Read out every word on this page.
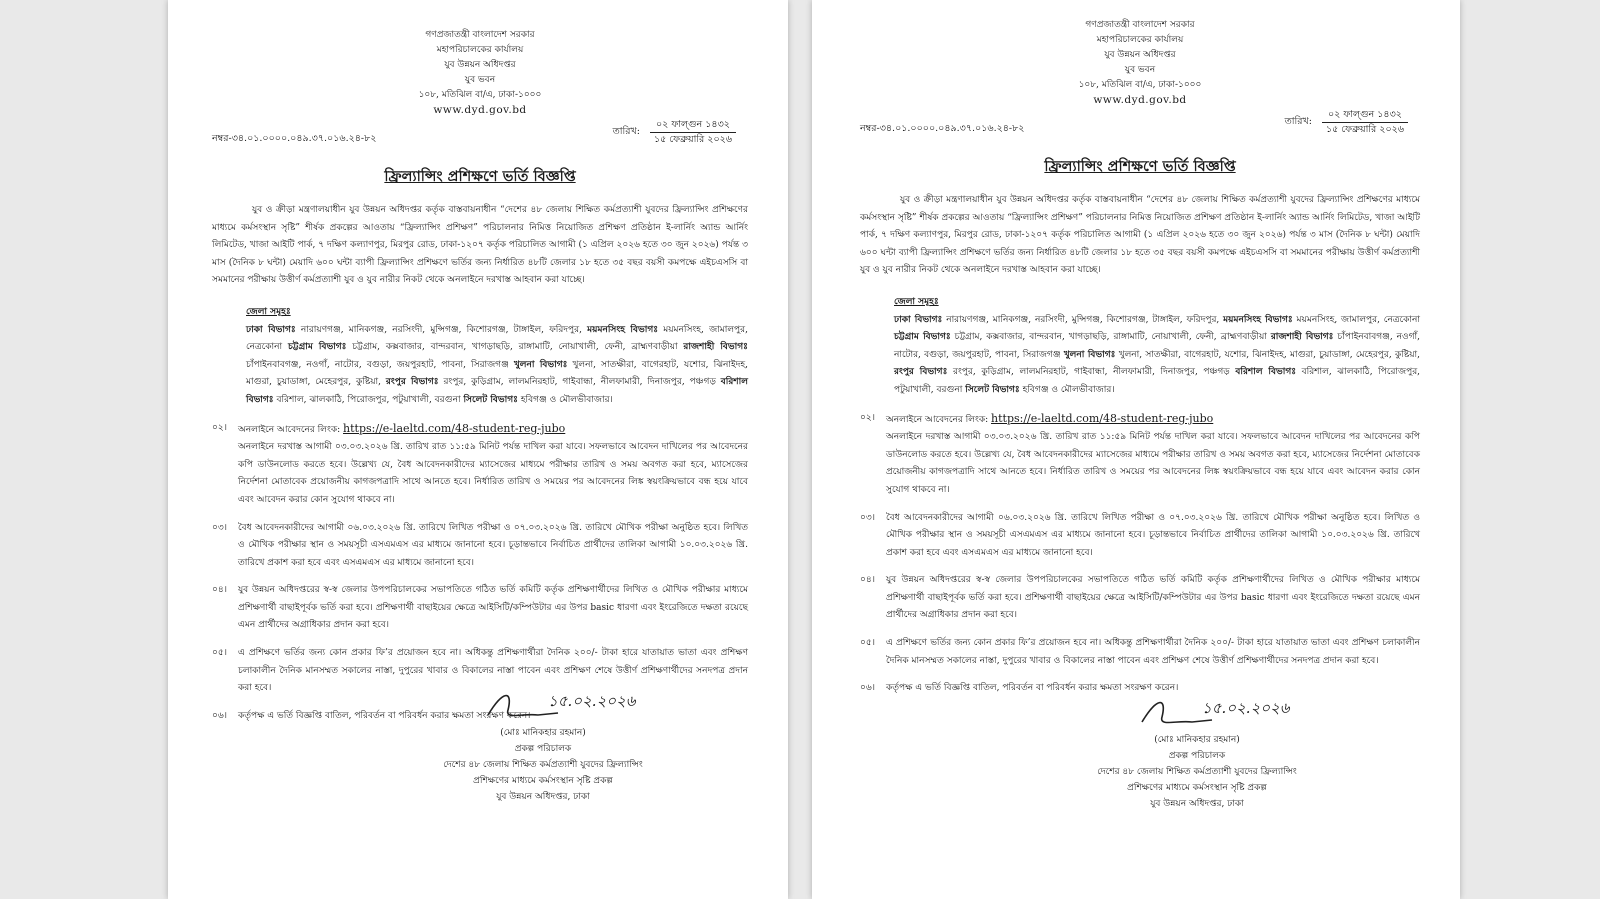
গণপ্রজাতন্ত্রী বাংলাদেশ সরকার
মহাপরিচালকের কার্যালয়
যুব উন্নয়ন অধিদপ্তর
যুব ভবন
১০৮, মতিঝিল বা/এ, ঢাকা-১০০০
www.dyd.gov.bd
নম্বর-৩৪.০১.০০০০.০৪৯.৩৭.০১৬.২৪-৮২
তারিখ:
০২ ফাল্গুন ১৪৩২
১৫ ফেব্রুয়ারি ২০২৬
ফ্রিল্যান্সিং প্রশিক্ষণে ভর্তি বিজ্ঞপ্তি

যুব ও ক্রীড়া মন্ত্রণালয়াধীন যুব উন্নয়ন অধিদপ্তর কর্তৃক বাস্তবায়নাধীন “দেশের ৪৮ জেলায় শিক্ষিত কর্মপ্রত্যাশী যুবদের ফ্রিল্যান্সিং প্রশিক্ষণের মাধ্যমে কর্মসংস্থান সৃষ্টি” শীর্ষক প্রকল্পের আওতায় “ফ্রিল্যান্সিং প্রশিক্ষণ” পরিচালনার নিমিত্ত নিয়োজিত প্রশিক্ষণ প্রতিষ্ঠান ই-লার্নিং অ্যান্ড আর্নিং লিমিটেড, খাজা আইটি পার্ক, ৭ দক্ষিণ কল্যাণপুর, মিরপুর রোড, ঢাকা-১২০৭ কর্তৃক পরিচালিত আগামী (১ এপ্রিল ২০২৬ হতে ৩০ জুন ২০২৬) পর্যন্ত ৩ মাস (দৈনিক ৮ ঘন্টা) মেয়াদি ৬০০ ঘন্টা ব্যাপী ফ্রিল্যান্সিং প্রশিক্ষণে ভর্তির জন্য নির্ধারিত ৪৮টি জেলার ১৮ হতে ৩৫ বছর বয়সী কমপক্ষে এইচএসসি বা সমমানের পরীক্ষায় উত্তীর্ণ কর্মপ্রত্যাশী যুব ও যুব নারীর নিকট থেকে অনলাইনে দরখাস্ত আহবান করা যাচ্ছে।

জেলা সমূহঃ
ঢাকা বিভাগঃ নারায়ণগঞ্জ, মানিকগঞ্জ, নরসিংদী, মুন্সিগঞ্জ, কিশোরগঞ্জ, টাঙ্গাইল, ফরিদপুর, ময়মনসিংহ বিভাগঃ ময়মনসিংহ, জামালপুর, নেত্রকোনা চট্টগ্রাম বিভাগঃ চট্টগ্রাম, কক্সবাজার, বান্দরবান, খাগড়াছড়ি, রাঙ্গামাটি, নোয়াখালী, ফেনী, ব্রাহ্মণবাড়ীয়া রাজশাহী বিভাগঃ চাঁপাইনবাবগঞ্জ, নওগাঁ, নাটোর, বগুড়া, জয়পুরহাট, পাবনা, সিরাজগঞ্জ খুলনা বিভাগঃ খুলনা, সাতক্ষীরা, বাগেরহাট, যশোর, ঝিনাইদহ, মাগুরা, চুয়াডাঙ্গা, মেহেরপুর, কুষ্টিয়া, রংপুর বিভাগঃ রংপুর, কুড়িগ্রাম, লালমনিরহাট, গাইবান্ধা, নীলফামারী, দিনাজপুর, পঞ্চগড় বরিশাল বিভাগঃ বরিশাল, ঝালকাঠি, পিরোজপুর, পটুয়াখালী, বরগুনা সিলেট বিভাগঃ হবিগঞ্জ ও মৌলভীবাজার।
০২।	অনলাইনে আবেদনের লিংক: https://e-laeltd.com/48-student-reg-jubo
অনলাইনে দরখাস্ত আগামী ০৩.০৩.২০২৬ খ্রি. তারিখ রাত ১১:৫৯ মিনিট পর্যন্ত দাখিল করা যাবে। সফলভাবে আবেদন দাখিলের পর আবেদনের কপি ডাউনলোড করতে হবে। উল্লেখ্য যে, বৈধ আবেদনকারীদের ম্যাসেজের মাধ্যমে পরীক্ষার তারিখ ও সময় অবগত করা হবে, ম্যাসেজের নির্দেশনা মোতাবেক প্রয়োজনীয় কাগজপত্রাদি সাথে আনতে হবে। নির্ধারিত তারিখ ও সময়ের পর আবেদনের লিঙ্ক স্বয়ংক্রিয়ভাবে বন্ধ হয়ে যাবে এবং আবেদন করার কোন সুযোগ থাকবে না।
০৩।	বৈধ আবেদনকারীদের আগামী ০৬.০৩.২০২৬ খ্রি. তারিখে লিখিত পরীক্ষা ও ০৭.০৩.২০২৬ খ্রি. তারিখে মৌখিক পরীক্ষা অনুষ্ঠিত হবে। লিখিত ও মৌখিক পরীক্ষার স্থান ও সময়সূচী এসএমএস এর মাধ্যমে জানানো হবে। চূড়ান্তভাবে নির্বাচিত প্রার্থীদের তালিকা আগামী ১০.০৩.২০২৬ খ্রি. তারিখে প্রকাশ করা হবে এবং এসএমএস এর মাধ্যমে জানানো হবে।
০৪।	যুব উন্নয়ন অধিদপ্তরের স্ব-স্ব জেলার উপপরিচালকের সভাপতিতে গঠিত ভর্তি কমিটি কর্তৃক প্রশিক্ষণার্থীদের লিখিত ও মৌখিক পরীক্ষার মাধ্যমে প্রশিক্ষণার্থী বাছাইপূর্বক ভর্তি করা হবে। প্রশিক্ষণার্থী বাছাইয়ের ক্ষেত্রে আইসিটি/কম্পিউটার এর উপর basic ধারণা এবং ইংরেজিতে দক্ষতা রয়েছে এমন প্রার্থীদের অগ্রাধিকার প্রদান করা হবে।
০৫।	এ প্রশিক্ষণে ভর্তির জন্য কোন প্রকার ফি’র প্রয়োজন হবে না। অধিকন্তু প্রশিক্ষণার্থীরা দৈনিক ২০০/- টাকা হারে যাতায়াত ভাতা এবং প্রশিক্ষণ চলাকালীন দৈনিক মানসম্মত সকালের নাস্তা, দুপুরের খাবার ও বিকালের নাস্তা পাবেন এবং প্রশিক্ষণ শেষে উত্তীর্ণ প্রশিক্ষণার্থীদের সনদপত্র প্রদান করা হবে।
০৬।	কর্তৃপক্ষ এ ভর্তি বিজ্ঞপ্তি বাতিল, পরিবর্তন বা পরিবর্ধন করার ক্ষমতা সংরক্ষণ করেন।
১৫.০২.২০২৬
(মোঃ মানিকহার রহমান)
প্রকল্প পরিচালক
দেশের ৪৮ জেলায় শিক্ষিত কর্মপ্রত্যাশী যুবদের ফ্রিল্যান্সিং
প্রশিক্ষণের মাধ্যমে কর্মসংস্থান সৃষ্টি প্রকল্প
যুব উন্নয়ন অধিদপ্তর, ঢাকা
গণপ্রজাতন্ত্রী বাংলাদেশ সরকার
মহাপরিচালকের কার্যালয়
যুব উন্নয়ন অধিদপ্তর
যুব ভবন
১০৮, মতিঝিল বা/এ, ঢাকা-১০০০
www.dyd.gov.bd
নম্বর-৩৪.০১.০০০০.০৪৯.৩৭.০১৬.২৪-৮২
তারিখ:
০২ ফাল্গুন ১৪৩২
১৫ ফেব্রুয়ারি ২০২৬
ফ্রিল্যান্সিং প্রশিক্ষণে ভর্তি বিজ্ঞপ্তি

যুব ও ক্রীড়া মন্ত্রণালয়াধীন যুব উন্নয়ন অধিদপ্তর কর্তৃক বাস্তবায়নাধীন “দেশের ৪৮ জেলায় শিক্ষিত কর্মপ্রত্যাশী যুবদের ফ্রিল্যান্সিং প্রশিক্ষণের মাধ্যমে কর্মসংস্থান সৃষ্টি” শীর্ষক প্রকল্পের আওতায় “ফ্রিল্যান্সিং প্রশিক্ষণ” পরিচালনার নিমিত্ত নিয়োজিত প্রশিক্ষণ প্রতিষ্ঠান ই-লার্নিং অ্যান্ড আর্নিং লিমিটেড, খাজা আইটি পার্ক, ৭ দক্ষিণ কল্যাণপুর, মিরপুর রোড, ঢাকা-১২০৭ কর্তৃক পরিচালিত আগামী (১ এপ্রিল ২০২৬ হতে ৩০ জুন ২০২৬) পর্যন্ত ৩ মাস (দৈনিক ৮ ঘন্টা) মেয়াদি ৬০০ ঘন্টা ব্যাপী ফ্রিল্যান্সিং প্রশিক্ষণে ভর্তির জন্য নির্ধারিত ৪৮টি জেলার ১৮ হতে ৩৫ বছর বয়সী কমপক্ষে এইচএসসি বা সমমানের পরীক্ষায় উত্তীর্ণ কর্মপ্রত্যাশী যুব ও যুব নারীর নিকট থেকে অনলাইনে দরখাস্ত আহবান করা যাচ্ছে।

জেলা সমূহঃ
ঢাকা বিভাগঃ নারায়ণগঞ্জ, মানিকগঞ্জ, নরসিংদী, মুন্সিগঞ্জ, কিশোরগঞ্জ, টাঙ্গাইল, ফরিদপুর, ময়মনসিংহ বিভাগঃ ময়মনসিংহ, জামালপুর, নেত্রকোনা চট্টগ্রাম বিভাগঃ চট্টগ্রাম, কক্সবাজার, বান্দরবান, খাগড়াছড়ি, রাঙ্গামাটি, নোয়াখালী, ফেনী, ব্রাহ্মণবাড়ীয়া রাজশাহী বিভাগঃ চাঁপাইনবাবগঞ্জ, নওগাঁ, নাটোর, বগুড়া, জয়পুরহাট, পাবনা, সিরাজগঞ্জ খুলনা বিভাগঃ খুলনা, সাতক্ষীরা, বাগেরহাট, যশোর, ঝিনাইদহ, মাগুরা, চুয়াডাঙ্গা, মেহেরপুর, কুষ্টিয়া, রংপুর বিভাগঃ রংপুর, কুড়িগ্রাম, লালমনিরহাট, গাইবান্ধা, নীলফামারী, দিনাজপুর, পঞ্চগড় বরিশাল বিভাগঃ বরিশাল, ঝালকাঠি, পিরোজপুর, পটুয়াখালী, বরগুনা সিলেট বিভাগঃ হবিগঞ্জ ও মৌলভীবাজার।
০২।	অনলাইনে আবেদনের লিংক: https://e-laeltd.com/48-student-reg-jubo
অনলাইনে দরখাস্ত আগামী ০৩.০৩.২০২৬ খ্রি. তারিখ রাত ১১:৫৯ মিনিট পর্যন্ত দাখিল করা যাবে। সফলভাবে আবেদন দাখিলের পর আবেদনের কপি ডাউনলোড করতে হবে। উল্লেখ্য যে, বৈধ আবেদনকারীদের ম্যাসেজের মাধ্যমে পরীক্ষার তারিখ ও সময় অবগত করা হবে, ম্যাসেজের নির্দেশনা মোতাবেক প্রয়োজনীয় কাগজপত্রাদি সাথে আনতে হবে। নির্ধারিত তারিখ ও সময়ের পর আবেদনের লিঙ্ক স্বয়ংক্রিয়ভাবে বন্ধ হয়ে যাবে এবং আবেদন করার কোন সুযোগ থাকবে না।
০৩।	বৈধ আবেদনকারীদের আগামী ০৬.০৩.২০২৬ খ্রি. তারিখে লিখিত পরীক্ষা ও ০৭.০৩.২০২৬ খ্রি. তারিখে মৌখিক পরীক্ষা অনুষ্ঠিত হবে। লিখিত ও মৌখিক পরীক্ষার স্থান ও সময়সূচী এসএমএস এর মাধ্যমে জানানো হবে। চূড়ান্তভাবে নির্বাচিত প্রার্থীদের তালিকা আগামী ১০.০৩.২০২৬ খ্রি. তারিখে প্রকাশ করা হবে এবং এসএমএস এর মাধ্যমে জানানো হবে।
০৪।	যুব উন্নয়ন অধিদপ্তরের স্ব-স্ব জেলার উপপরিচালকের সভাপতিতে গঠিত ভর্তি কমিটি কর্তৃক প্রশিক্ষণার্থীদের লিখিত ও মৌখিক পরীক্ষার মাধ্যমে প্রশিক্ষণার্থী বাছাইপূর্বক ভর্তি করা হবে। প্রশিক্ষণার্থী বাছাইয়ের ক্ষেত্রে আইসিটি/কম্পিউটার এর উপর basic ধারণা এবং ইংরেজিতে দক্ষতা রয়েছে এমন প্রার্থীদের অগ্রাধিকার প্রদান করা হবে।
০৫।	এ প্রশিক্ষণে ভর্তির জন্য কোন প্রকার ফি’র প্রয়োজন হবে না। অধিকন্তু প্রশিক্ষণার্থীরা দৈনিক ২০০/- টাকা হারে যাতায়াত ভাতা এবং প্রশিক্ষণ চলাকালীন দৈনিক মানসম্মত সকালের নাস্তা, দুপুরের খাবার ও বিকালের নাস্তা পাবেন এবং প্রশিক্ষণ শেষে উত্তীর্ণ প্রশিক্ষণার্থীদের সনদপত্র প্রদান করা হবে।
০৬।	কর্তৃপক্ষ এ ভর্তি বিজ্ঞপ্তি বাতিল, পরিবর্তন বা পরিবর্ধন করার ক্ষমতা সংরক্ষণ করেন।
১৫.০২.২০২৬
(মোঃ মানিকহার রহমান)
প্রকল্প পরিচালক
দেশের ৪৮ জেলায় শিক্ষিত কর্মপ্রত্যাশী যুবদের ফ্রিল্যান্সিং
প্রশিক্ষণের মাধ্যমে কর্মসংস্থান সৃষ্টি প্রকল্প
যুব উন্নয়ন অধিদপ্তর, ঢাকা
